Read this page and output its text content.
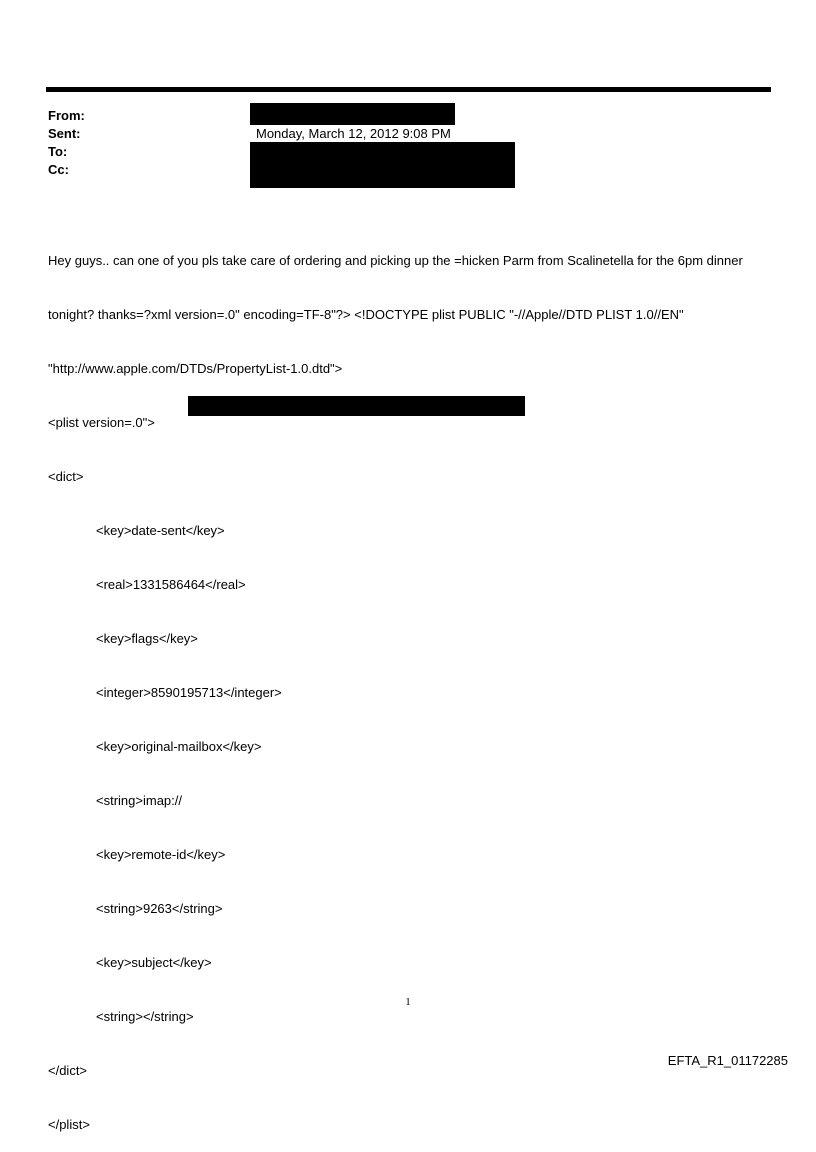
From:
Sent:
To:
Cc:
Monday, March 12, 2012 9:08 PM

Hey guys.. can one of you pls take care of ordering and picking up the =hicken Parm from Scalinetella for the 6pm dinner

tonight? thanks=?xml version=.0" encoding=TF-8"?> <!DOCTYPE plist PUBLIC "-//Apple//DTD PLIST 1.0//EN"

"http://www.apple.com/DTDs/PropertyList-1.0.dtd">

<plist version=.0">

<dict>

<key>date-sent</key>

<real>1331586464</real>

<key>flags</key>

<integer>8590195713</integer>

<key>original-mailbox</key>

<string>imap://

<key>remote-id</key>

<string>9263</string>

<key>subject</key>

<string></string>

</dict>

</plist>

1
EFTA_R1_01172285
